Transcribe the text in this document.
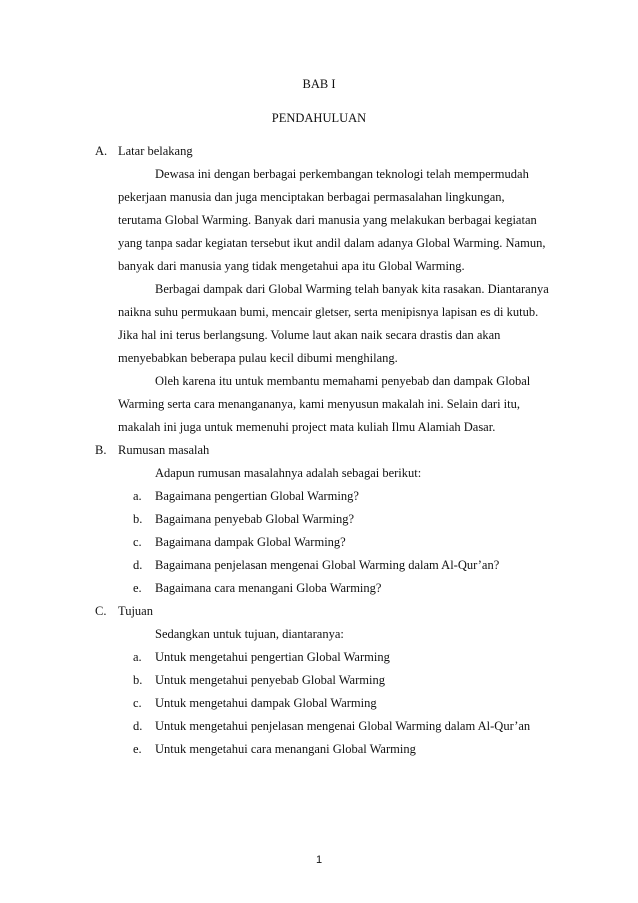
BAB I
PENDAHULUAN
A. Latar belakang
Dewasa ini dengan berbagai perkembangan teknologi telah mempermudah
pekerjaan manusia dan juga menciptakan berbagai permasalahan lingkungan,
terutama Global Warming. Banyak dari manusia yang melakukan berbagai kegiatan
yang tanpa sadar kegiatan tersebut ikut andil dalam adanya Global Warming. Namun,
banyak dari manusia yang tidak mengetahui apa itu Global Warming.
Berbagai dampak dari Global Warming telah banyak kita rasakan. Diantaranya
naikna suhu permukaan bumi, mencair gletser, serta menipisnya lapisan es di kutub.
Jika hal ini terus berlangsung. Volume laut akan naik secara drastis dan akan
menyebabkan beberapa pulau kecil dibumi menghilang.
Oleh karena itu untuk membantu memahami penyebab dan dampak Global
Warming serta cara menangananya, kami menyusun makalah ini. Selain dari itu,
makalah ini juga untuk memenuhi project mata kuliah Ilmu Alamiah Dasar.
B. Rumusan masalah
Adapun rumusan masalahnya adalah sebagai berikut:
a. Bagaimana pengertian Global Warming?
b. Bagaimana penyebab Global Warming?
c. Bagaimana dampak Global Warming?
d. Bagaimana penjelasan mengenai Global Warming dalam Al-Qur’an?
e. Bagaimana cara menangani Globa Warming?
C. Tujuan
Sedangkan untuk tujuan, diantaranya:
a. Untuk mengetahui pengertian Global Warming
b. Untuk mengetahui penyebab Global Warming
c. Untuk mengetahui dampak Global Warming
d. Untuk mengetahui penjelasan mengenai Global Warming dalam Al-Qur’an
e. Untuk mengetahui cara menangani Global Warming
1
